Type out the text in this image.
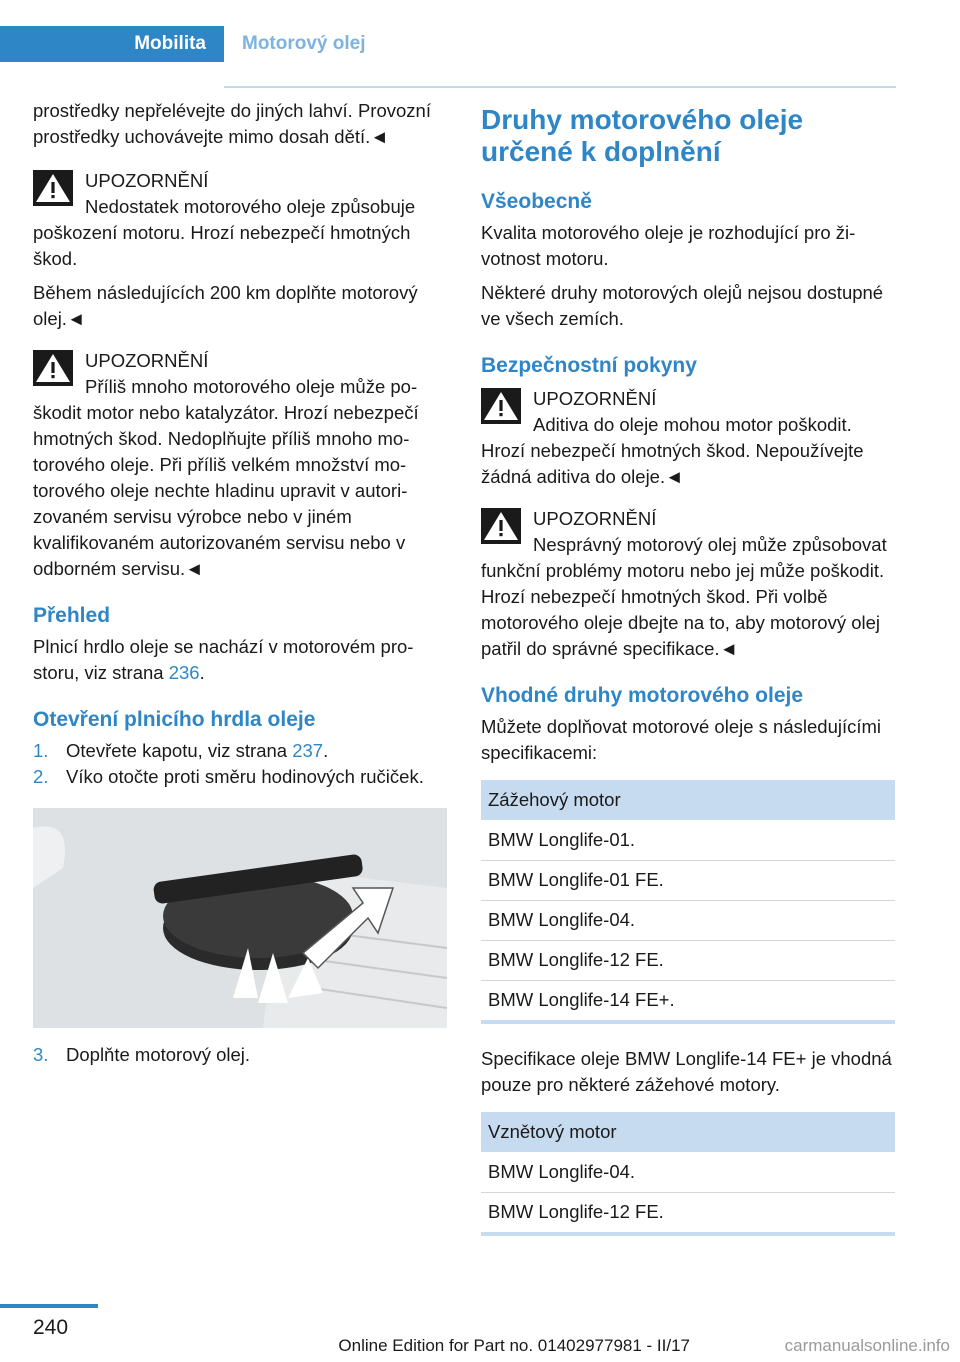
Mobilita Motorový olej

prostředky nepřelévejte do jiných lahví. Provozní prostředky uchovávejte mimo dosah dětí.◄

UPOZORNĚNÍ
Nedostatek motorového oleje způsobuje poškození motoru. Hrozí nebezpečí hmotných škod.

Během následujících 200 km doplňte motorový olej.◄

UPOZORNĚNÍ
Příliš mnoho motorového oleje může poškodit motor nebo katalyzátor. Hrozí nebezpečí hmotných škod. Nedoplňujte příliš mnoho motorového oleje. Při příliš velkém množství motorového oleje nechte hladinu upravit v autorizovaném servisu výrobce nebo v jiném kvalifikovaném autorizovaném servisu nebo v odborném servisu.◄
Přehled

Plnicí hrdlo oleje se nachází v motorovém prostoru, viz strana 236.

Otevření plnicího hrdla oleje
1. Otevřete kapotu, viz strana 237.
2. Víko otočte proti směru hodinových ručiček.
3. Doplňte motorový olej.
Druhy motorového oleje určené k doplnění
Všeobecně

Kvalita motorového oleje je rozhodující pro životnost motoru.

Některé druhy motorových olejů nejsou dostupné ve všech zemích.

Bezpečnostní pokyny
UPOZORNĚNÍ
Aditiva do oleje mohou motor poškodit. Hrozí nebezpečí hmotných škod. Nepoužívejte žádná aditiva do oleje.◄
UPOZORNĚNÍ
Nesprávný motorový olej může způsobovat funkční problémy motoru nebo jej může poškodit. Hrozí nebezpečí hmotných škod. Při volbě motorového oleje dbejte na to, aby motorový olej patřil do správné specifikace.◄
Vhodné druhy motorového oleje

Můžete doplňovat motorové oleje s následujícími specifikacemi:

Zážehový motor
BMW Longlife-01.
BMW Longlife-01 FE.
BMW Longlife-04.
BMW Longlife-12 FE.
BMW Longlife-14 FE+.

Specifikace oleje BMW Longlife-14 FE+ je vhodná pouze pro některé zážehové motory.

Vznětový motor
BMW Longlife-04.
BMW Longlife-12 FE.

240
Online Edition for Part no. 01402977981 - II/17	carmanualsonline.info
